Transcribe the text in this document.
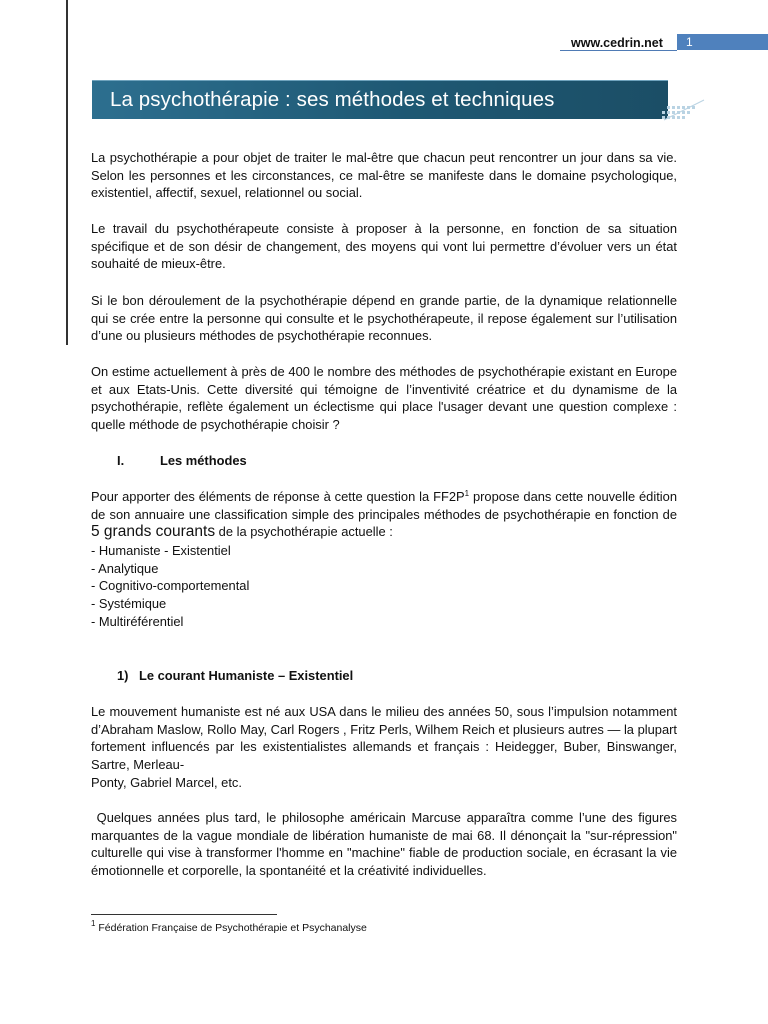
www.cedrin.net	1
La psychothérapie : ses méthodes et techniques

La psychothérapie a pour objet de traiter le mal-être que chacun peut rencontrer un jour dans sa vie. Selon les personnes et les circonstances, ce mal-être se manifeste dans le domaine psychologique, existentiel, affectif, sexuel, relationnel ou social.

Le travail du psychothérapeute consiste à proposer à la personne, en fonction de sa situation spécifique et de son désir de changement, des moyens qui vont lui permettre d’évoluer vers un état souhaité de mieux-être.

Si le bon déroulement de la psychothérapie dépend en grande partie, de la dynamique relationnelle qui se crée entre la personne qui consulte et le psychothérapeute, il repose également sur l’utilisation d’une ou plusieurs méthodes de psychothérapie reconnues.

On estime actuellement à près de 400 le nombre des méthodes de psychothérapie existant en Europe et aux Etats-Unis. Cette diversité qui témoigne de l’inventivité créatrice et du dynamisme de la psychothérapie, reflète également un éclectisme qui place l'usager devant une question complexe : quelle méthode de psychothérapie choisir ?

I.	Les méthodes

Pour apporter des éléments de réponse à cette question la $FF2P^1$ propose dans cette nouvelle édition de son annuaire une classification simple des principales méthodes de psychothérapie en fonction de 5 grands courants de la psychothérapie actuelle :

- Humaniste - Existentiel
- Analytique
- Cognitivo-comportemental
- Systémique
- Multiréférentiel
1) Le courant Humaniste – Existentiel

Le mouvement humaniste est né aux USA dans le milieu des années 50, sous l’impulsion notamment d’Abraham Maslow, Rollo May, Carl Rogers , Fritz Perls, Wilhem Reich et plusieurs autres — la plupart fortement influencés par les existentialistes allemands et français : Heidegger, Buber, Binswanger, Sartre, Merleau-

Ponty, Gabriel Marcel, etc.

Quelques années plus tard, le philosophe américain Marcuse apparaîtra comme l’une des figures marquantes de la vague mondiale de libération humaniste de mai 68. Il dénonçait la "sur-répression" culturelle qui vise à transformer l'homme en "machine" fiable de production sociale, en écrasant la vie émotionnelle et corporelle, la spontanéité et la créativité individuelles.

$^1$ Fédération Française de Psychothérapie et Psychanalyse
